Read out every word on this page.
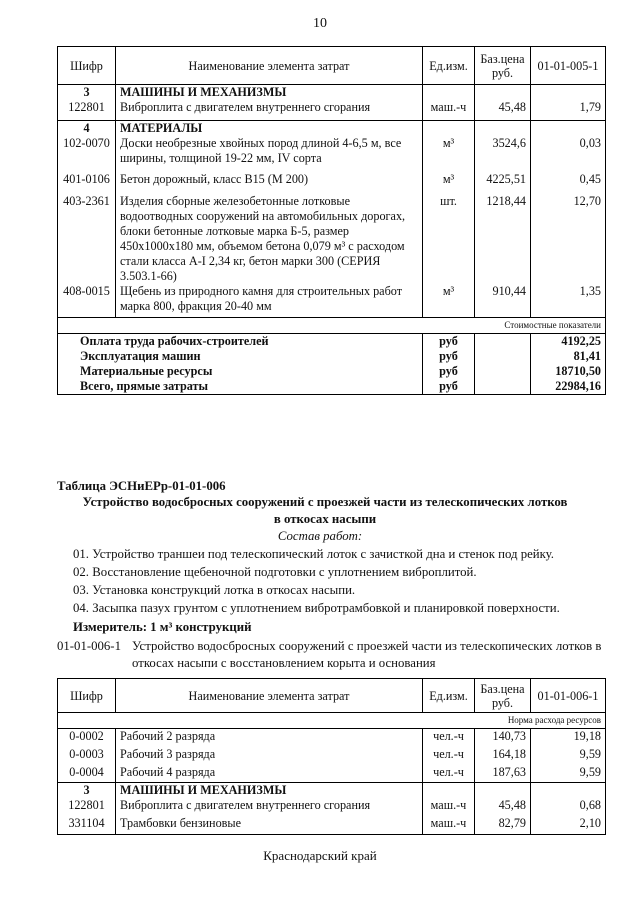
10
Шифр	Наименование элемента затрат	Ед.изм.	Баз.цена руб.	01-01-005-1
3	МАШИНЫ И МЕХАНИЗМЫ			
122801	Виброплита с двигателем внутреннего сгорания	маш.-ч	45,48	1,79
4	МАТЕРИАЛЫ			
102-0070	Доски необрезные хвойных пород длиной 4-6,5 м, все ширины, толщиной 19-22 мм, IV сорта	м³	3524,6	0,03
401-0106	Бетон дорожный, класс В15 (М 200)	м³	4225,51	0,45
403-2361	Изделия сборные железобетонные лотковые водоотводных сооружений на автомобильных дорогах, блоки бетонные лотковые марка Б-5, размер 450х1000х180 мм, объемом бетона 0,079 м³ с расходом стали класса А-I 2,34 кг, бетон марки 300 (СЕРИЯ 3.503.1-66)	шт.	1218,44	12,70
408-0015	Щебень из природного камня для строительных работ марка 800, фракция 20-40 мм	м³	910,44	1,35
Стоимостные показатели				
Оплата труда рабочих-строителей		руб		4192,25
Эксплуатация машин		руб		81,41
Материальные ресурсы		руб		18710,50
Всего, прямые затраты		руб		22984,16
Таблица ЭСНиЕРр-01-01-006
Устройство водосбросных сооружений с проезжей части из телескопических лотков в откосах насыпи
Состав работ:
01. Устройство траншеи под телескопический лоток с зачисткой дна и стенок под рейку.
02. Восстановление щебеночной подготовки с уплотнением виброплитой.
03. Установка конструкций лотка в откосах насыпи.
04. Засыпка пазух грунтом с уплотнением вибротрамбовкой и планировкой поверхности.
Измеритель: 1 м³ конструкций
01-01-006-1 Устройство водосбросных сооружений с проезжей части из телескопических лотков в откосах насыпи с восстановлением корыта и основания
Шифр	Наименование элемента затрат	Ед.изм.	Баз.цена руб.	01-01-006-1
Норма расхода ресурсов				
0-0002	Рабочий 2 разряда	чел.-ч	140,73	19,18
0-0003	Рабочий 3 разряда	чел.-ч	164,18	9,59
0-0004	Рабочий 4 разряда	чел.-ч	187,63	9,59
3	МАШИНЫ И МЕХАНИЗМЫ			
122801	Виброплита с двигателем внутреннего сгорания	маш.-ч	45,48	0,68
331104	Трамбовки бензиновые	маш.-ч	82,79	2,10
Краснодарский край
